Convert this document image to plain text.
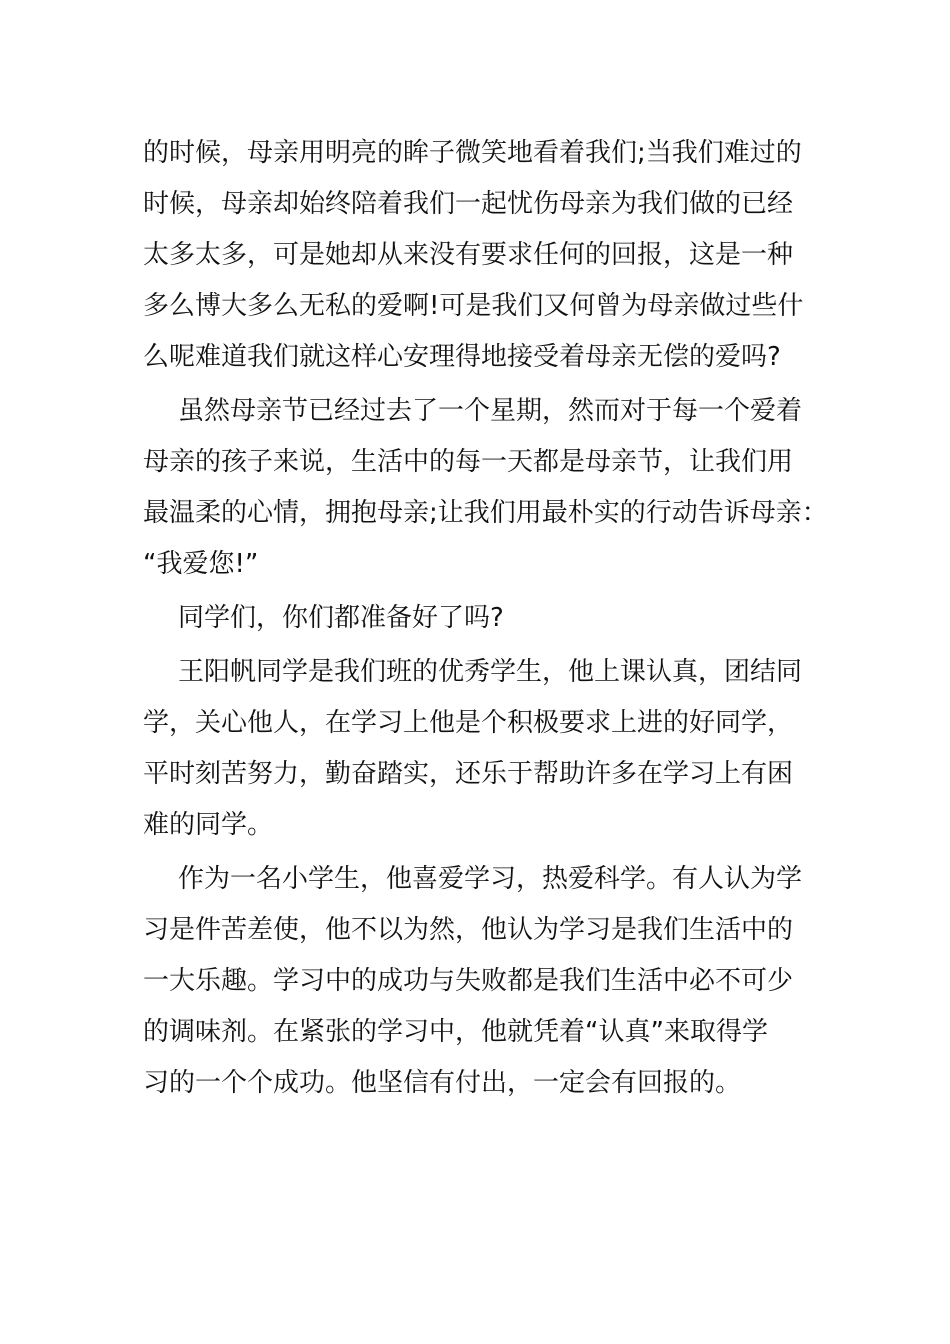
的时候，母亲用明亮的眸子微笑地看着我们;当我们难过的
时候，母亲却始终陪着我们一起忧伤母亲为我们做的已经
太多太多，可是她却从来没有要求任何的回报，这是一种
多么博大多么无私的爱啊!可是我们又何曾为母亲做过些什
么呢难道我们就这样心安理得地接受着母亲无偿的爱吗?

虽然母亲节已经过去了一个星期，然而对于每一个爱着
母亲的孩子来说，生活中的每一天都是母亲节，让我们用
最温柔的心情，拥抱母亲;让我们用最朴实的行动告诉母亲：
“我爱您!”

同学们，你们都准备好了吗?

王阳帆同学是我们班的优秀学生，他上课认真，团结同
学，关心他人，在学习上他是个积极要求上进的好同学，
平时刻苦努力，勤奋踏实，还乐于帮助许多在学习上有困
难的同学。

作为一名小学生，他喜爱学习，热爱科学。有人认为学
习是件苦差使，他不以为然，他认为学习是我们生活中的
一大乐趣。学习中的成功与失败都是我们生活中必不可少
的调味剂。在紧张的学习中，他就凭着“认真”来取得学
习的一个个成功。他坚信有付出，一定会有回报的。
